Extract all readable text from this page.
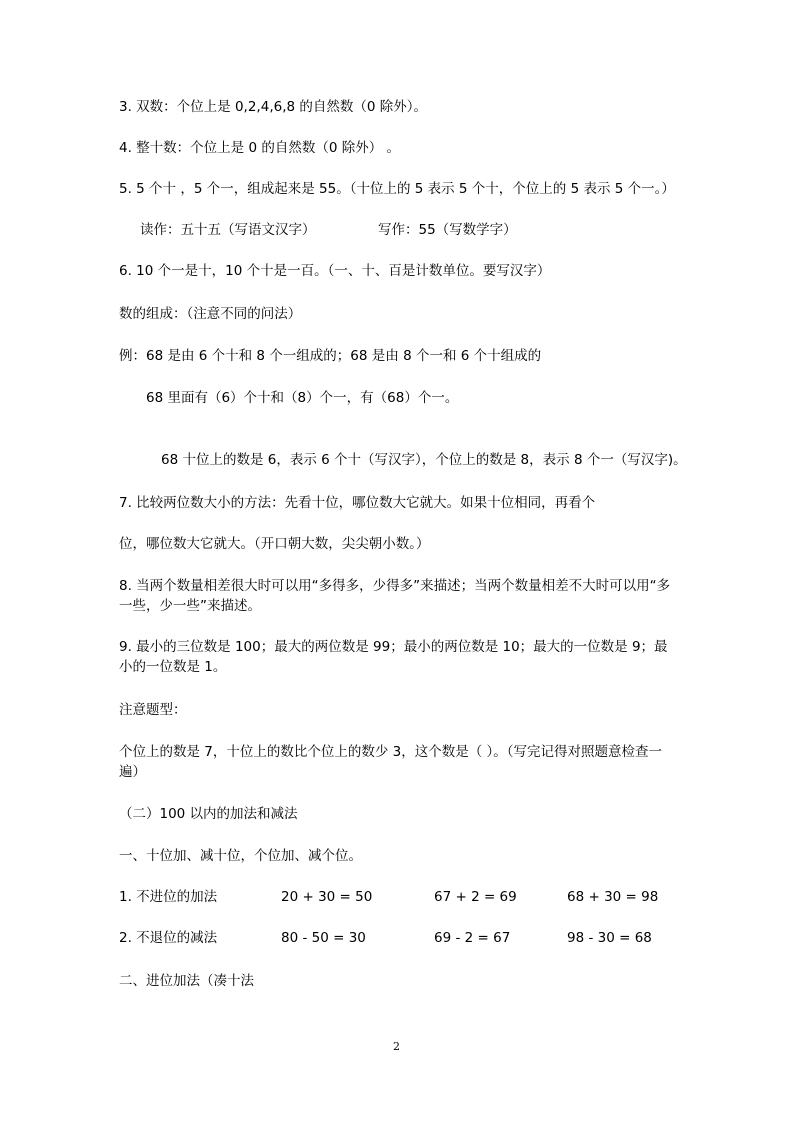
3. 双数：个位上是 0,2,4,6,8 的自然数（0 除外）。
4. 整十数：个位上是 0 的自然数（0 除外） 。
5. 5 个十 ，5 个一，组成起来是 55。（十位上的 5 表示 5 个十，个位上的 5 表示 5 个一。）
读作：五十五（写语文汉字）	写作：55（写数学字）
6. 10 个一是十，10 个十是一百。（一、十、百是计数单位。要写汉字）
数的组成：（注意不同的问法）
例：68 是由 6 个十和 8 个一组成的；68 是由 8 个一和 6 个十组成的
68 里面有（6）个十和（8）个一，有（68）个一。
68 十位上的数是 6，表示 6 个十（写汉字），个位上的数是 8，表示 8 个一（写汉字)。
7. 比较两位数大小的方法：先看十位，哪位数大它就大。如果十位相同，再看个
位，哪位数大它就大。（开口朝大数，尖尖朝小数。）
8. 当两个数量相差很大时可以用“多得多，少得多”来描述；当两个数量相差不大时可以用“多一些，少一些”来描述。
9. 最小的三位数是 100；最大的两位数是 99；最小的两位数是 10；最大的一位数是 9；最小的一位数是 1。
注意题型：
个位上的数是 7，十位上的数比个位上的数少 3，这个数是（ ）。（写完记得对照题意检查一遍）
（二）100 以内的加法和减法
一、十位加、减十位，个位加、减个位。
1. 不进位的加法	20 + 30 = 50	67 + 2 = 69	68 + 30 = 98
2. 不退位的减法	80 - 50 = 30	69 - 2 = 67	98 - 30 = 68
二、进位加法（凑十法
2
